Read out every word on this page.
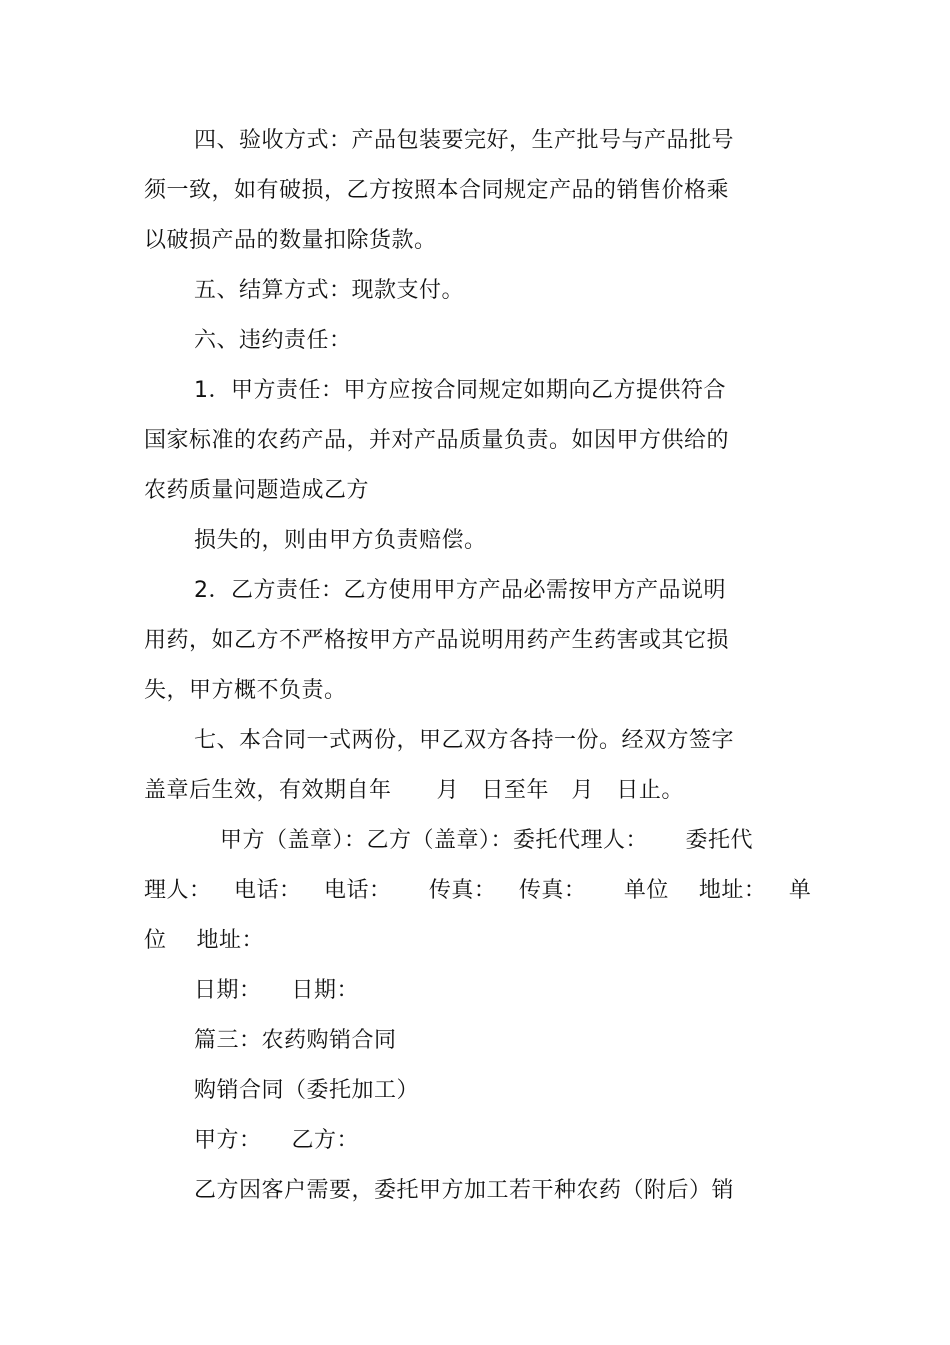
四、验收方式：产品包装要完好，生产批号与产品批号
须一致，如有破损，乙方按照本合同规定产品的销售价格乘
以破损产品的数量扣除货款。
五、结算方式：现款支付。
六、违约责任：
1．甲方责任：甲方应按合同规定如期向乙方提供符合
国家标准的农药产品，并对产品质量负责。如因甲方供给的
农药质量问题造成乙方
损失的，则由甲方负责赔偿。
2．乙方责任：乙方使用甲方产品必需按甲方产品说明
用药，如乙方不严格按甲方产品说明用药产生药害或其它损
失，甲方概不负责。
七、本合同一式两份，甲乙双方各持一份。经双方签字
盖章后生效，有效期自年      月   日至年   月   日止。
甲方（盖章）：乙方（盖章）：委托代理人：     委托代
理人：   电话：   电话：     传真：   传真：     单位    地址：   单
位    地址：
日期：    日期：
篇三：农药购销合同
购销合同（委托加工）
甲方：    乙方：
乙方因客户需要，委托甲方加工若干种农药（附后）销
